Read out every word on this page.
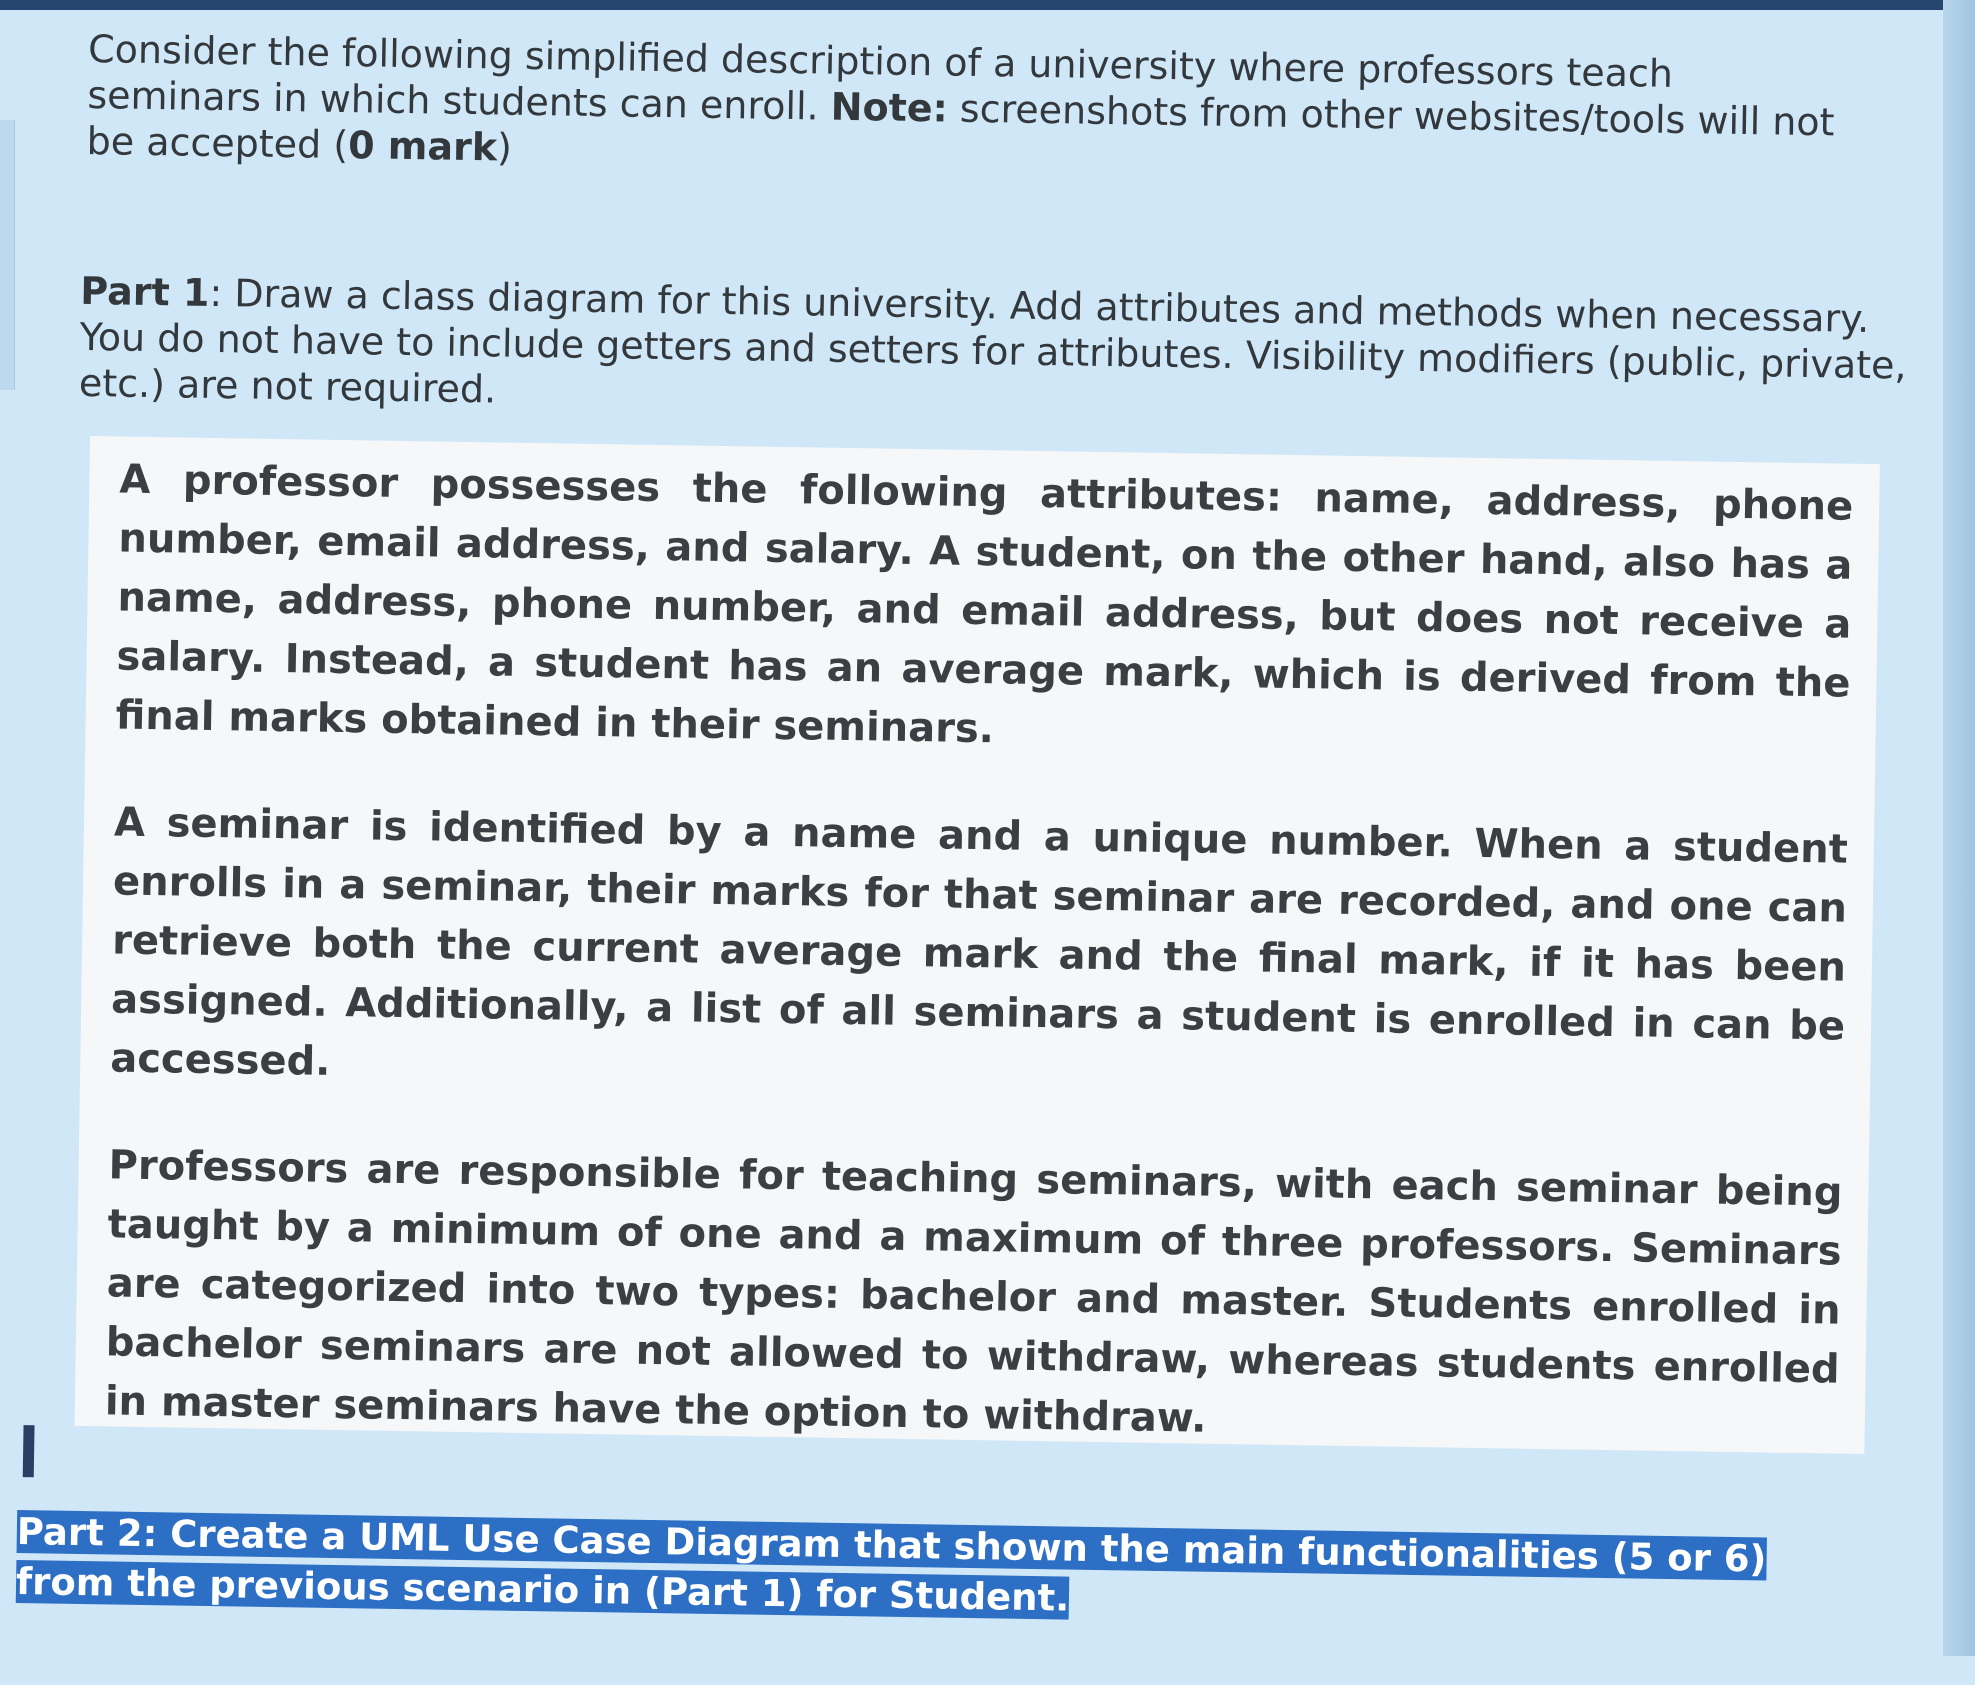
Consider the following simplified description of a university where professors teach seminars in which students can enroll. Note: screenshots from other websites/tools will not be accepted (0 mark)
Part 1: Draw a class diagram for this university. Add attributes and methods when necessary. You do not have to include getters and setters for attributes. Visibility modifiers (public, private, etc.) are not required.

A professor possesses the following attributes: name, address, phone number, email address, and salary. A student, on the other hand, also has a name, address, phone number, and email address, but does not receive a salary. Instead, a student has an average mark, which is derived from the final marks obtained in their seminars.

A seminar is identified by a name and a unique number. When a student enrolls in a seminar, their marks for that seminar are recorded, and one can retrieve both the current average mark and the final mark, if it has been assigned. Additionally, a list of all seminars a student is enrolled in can be accessed.

Professors are responsible for teaching seminars, with each seminar being taught by a minimum of one and a maximum of three professors. Seminars are categorized into two types: bachelor and master. Students enrolled in bachelor seminars are not allowed to withdraw, whereas students enrolled in master seminars have the option to withdraw.

Part 2: Create a UML Use Case Diagram that shown the main functionalities (5 or 6) from the previous scenario in (Part 1) for Student.
